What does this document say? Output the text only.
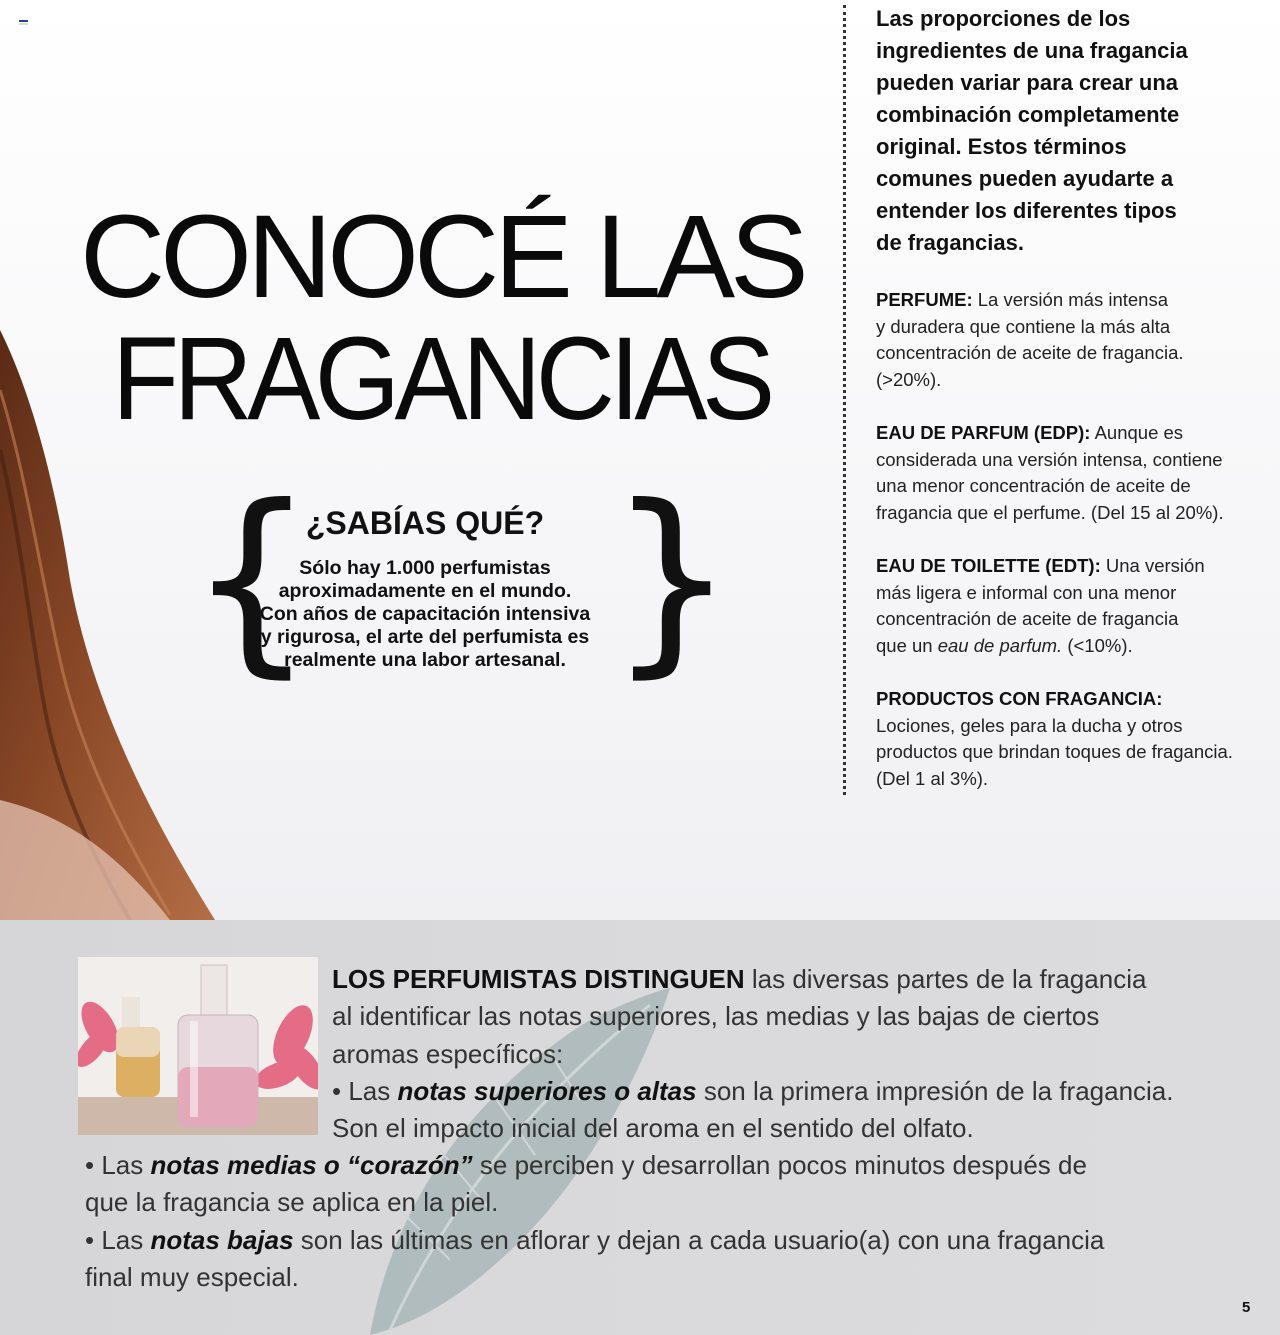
CONOCÉ LAS
FRAGANCIAS
{ }
¿SABÍAS QUÉ?
Sólo hay 1.000 perfumistas
aproximadamente en el mundo.
Con años de capacitación intensiva
y rigurosa, el arte del perfumista es
realmente una labor artesanal.
Las proporciones de los
ingredientes de una fragancia
pueden variar para crear una
combinación completamente
original. Estos términos
comunes pueden ayudarte a
entender los diferentes tipos
de fragancias.
PERFUME: La versión más intensa
y duradera que contiene la más alta
concentración de aceite de fragancia.
(>20%).
EAU DE PARFUM (EDP): Aunque es
considerada una versión intensa, contiene
una menor concentración de aceite de
fragancia que el perfume. (Del 15 al 20%).
EAU DE TOILETTE (EDT): Una versión
más ligera e informal con una menor
concentración de aceite de fragancia
que un eau de parfum. (<10%).
PRODUCTOS CON FRAGANCIA:
Lociones, geles para la ducha y otros
productos que brindan toques de fragancia.
(Del 1 al 3%).
LOS PERFUMISTAS DISTINGUEN las diversas partes de la fragancia
al identificar las notas superiores, las medias y las bajas de ciertos
aromas específicos:
• Las notas superiores o altas son la primera impresión de la fragancia.
Son el impacto inicial del aroma en el sentido del olfato.
• Las notas medias o “corazón” se perciben y desarrollan pocos minutos después de
que la fragancia se aplica en la piel.
• Las notas bajas son las últimas en aflorar y dejan a cada usuario(a) con una fragancia
final muy especial.
5
